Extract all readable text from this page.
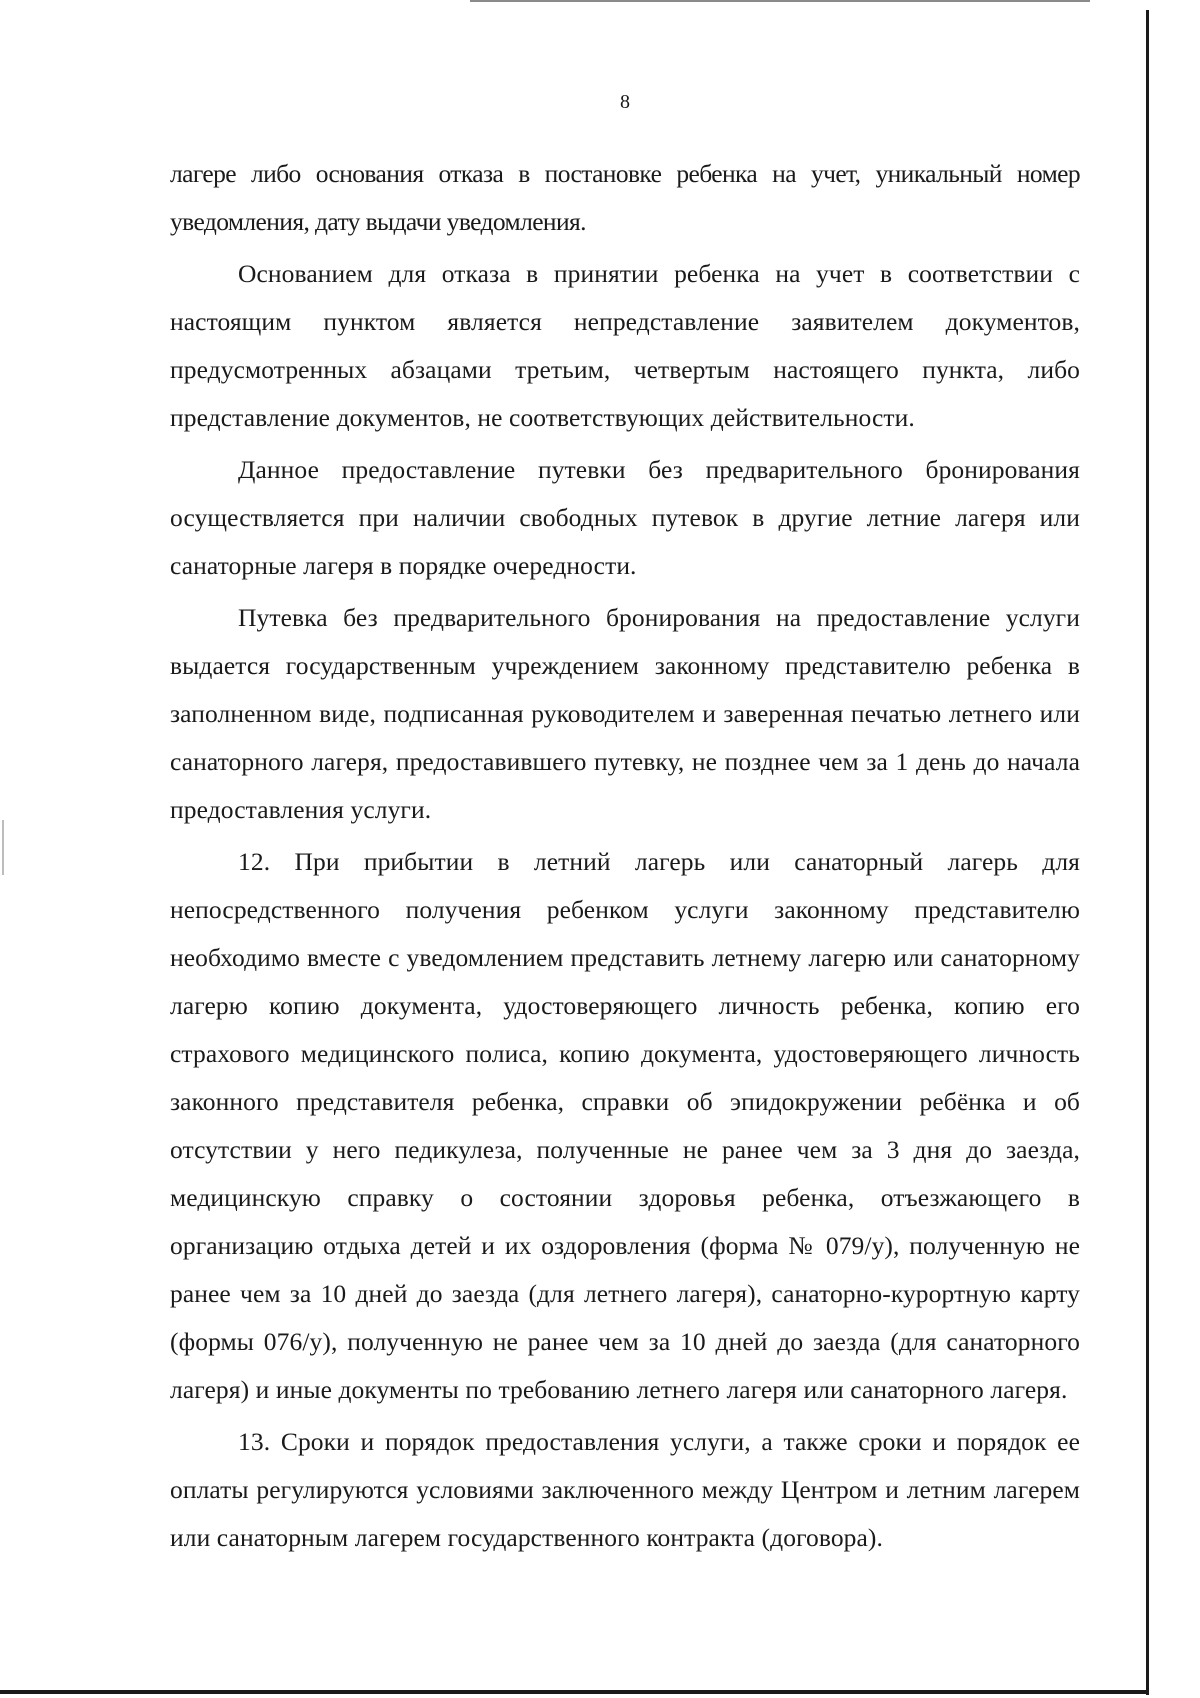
8

лагере либо основания отказа в постановке ребенка на учет, уникальный номер уведомления, дату выдачи уведомления.

Основанием для отказа в принятии ребенка на учет в соответствии с настоящим пунктом является непредставление заявителем документов, предусмотренных абзацами третьим, четвертым настоящего пункта, либо представление документов, не соответствующих действительности.

Данное предоставление путевки без предварительного бронирования осуществляется при наличии свободных путевок в другие летние лагеря или санаторные лагеря в порядке очередности.

Путевка без предварительного бронирования на предоставление услуги выдается государственным учреждением законному представителю ребенка в заполненном виде, подписанная руководителем и заверенная печатью летнего или санаторного лагеря, предоставившего путевку, не позднее чем за 1 день до начала предоставления услуги.

12. При прибытии в летний лагерь или санаторный лагерь для непосредственного получения ребенком услуги законному представителю необходимо вместе с уведомлением представить летнему лагерю или санаторному лагерю копию документа, удостоверяющего личность ребенка, копию его страхового медицинского полиса, копию документа, удостоверяющего личность законного представителя ребенка, справки об эпидокружении ребёнка и об отсутствии у него педикулеза, полученные не ранее чем за 3 дня до заезда, медицинскую справку о состоянии здоровья ребенка, отъезжающего в организацию отдыха детей и их оздоровления (форма № 079/у), полученную не ранее чем за 10 дней до заезда (для летнего лагеря), санаторно-курортную карту (формы 076/у), полученную не ранее чем за 10 дней до заезда (для санаторного лагеря) и иные документы по требованию летнего лагеря или санаторного лагеря.

13. Сроки и порядок предоставления услуги, а также сроки и порядок ее оплаты регулируются условиями заключенного между Центром и летним лагерем или санаторным лагерем государственного контракта (договора).
